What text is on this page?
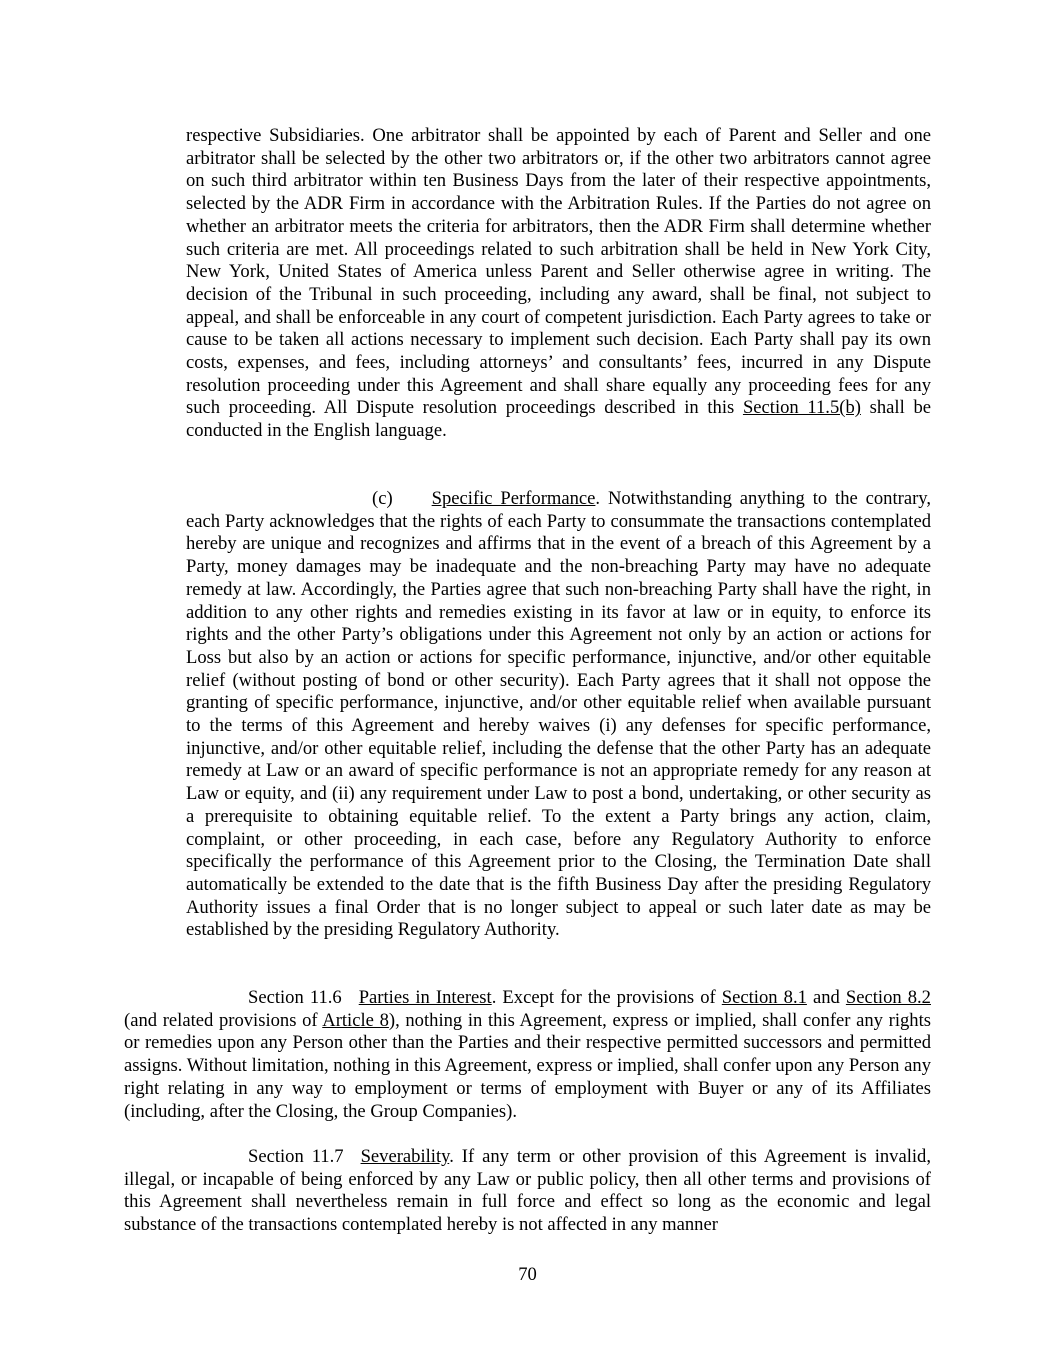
respective Subsidiaries. One arbitrator shall be appointed by each of Parent and Seller and one arbitrator shall be selected by the other two arbitrators or, if the other two arbitrators cannot agree on such third arbitrator within ten Business Days from the later of their respective appointments, selected by the ADR Firm in accordance with the Arbitration Rules. If the Parties do not agree on whether an arbitrator meets the criteria for arbitrators, then the ADR Firm shall determine whether such criteria are met. All proceedings related to such arbitration shall be held in New York City, New York, United States of America unless Parent and Seller otherwise agree in writing. The decision of the Tribunal in such proceeding, including any award, shall be final, not subject to appeal, and shall be enforceable in any court of competent jurisdiction. Each Party agrees to take or cause to be taken all actions necessary to implement such decision. Each Party shall pay its own costs, expenses, and fees, including attorneys’ and consultants’ fees, incurred in any Dispute resolution proceeding under this Agreement and shall share equally any proceeding fees for any such proceeding. All Dispute resolution proceedings described in this Section 11.5(b) shall be conducted in the English language.

(c) Specific Performance. Notwithstanding anything to the contrary, each Party acknowledges that the rights of each Party to consummate the transactions contemplated hereby are unique and recognizes and affirms that in the event of a breach of this Agreement by a Party, money damages may be inadequate and the non-breaching Party may have no adequate remedy at law. Accordingly, the Parties agree that such non-breaching Party shall have the right, in addition to any other rights and remedies existing in its favor at law or in equity, to enforce its rights and the other Party’s obligations under this Agreement not only by an action or actions for Loss but also by an action or actions for specific performance, injunctive, and/or other equitable relief (without posting of bond or other security). Each Party agrees that it shall not oppose the granting of specific performance, injunctive, and/or other equitable relief when available pursuant to the terms of this Agreement and hereby waives (i) any defenses for specific performance, injunctive, and/or other equitable relief, including the defense that the other Party has an adequate remedy at Law or an award of specific performance is not an appropriate remedy for any reason at Law or equity, and (ii) any requirement under Law to post a bond, undertaking, or other security as a prerequisite to obtaining equitable relief. To the extent a Party brings any action, claim, complaint, or other proceeding, in each case, before any Regulatory Authority to enforce specifically the performance of this Agreement prior to the Closing, the Termination Date shall automatically be extended to the date that is the fifth Business Day after the presiding Regulatory Authority issues a final Order that is no longer subject to appeal or such later date as may be established by the presiding Regulatory Authority.

Section 11.6 Parties in Interest. Except for the provisions of Section 8.1 and Section 8.2 (and related provisions of Article 8), nothing in this Agreement, express or implied, shall confer any rights or remedies upon any Person other than the Parties and their respective permitted successors and permitted assigns. Without limitation, nothing in this Agreement, express or implied, shall confer upon any Person any right relating in any way to employment or terms of employment with Buyer or any of its Affiliates (including, after the Closing, the Group Companies).

Section 11.7 Severability. If any term or other provision of this Agreement is invalid, illegal, or incapable of being enforced by any Law or public policy, then all other terms and provisions of this Agreement shall nevertheless remain in full force and effect so long as the economic and legal substance of the transactions contemplated hereby is not affected in any manner

70
